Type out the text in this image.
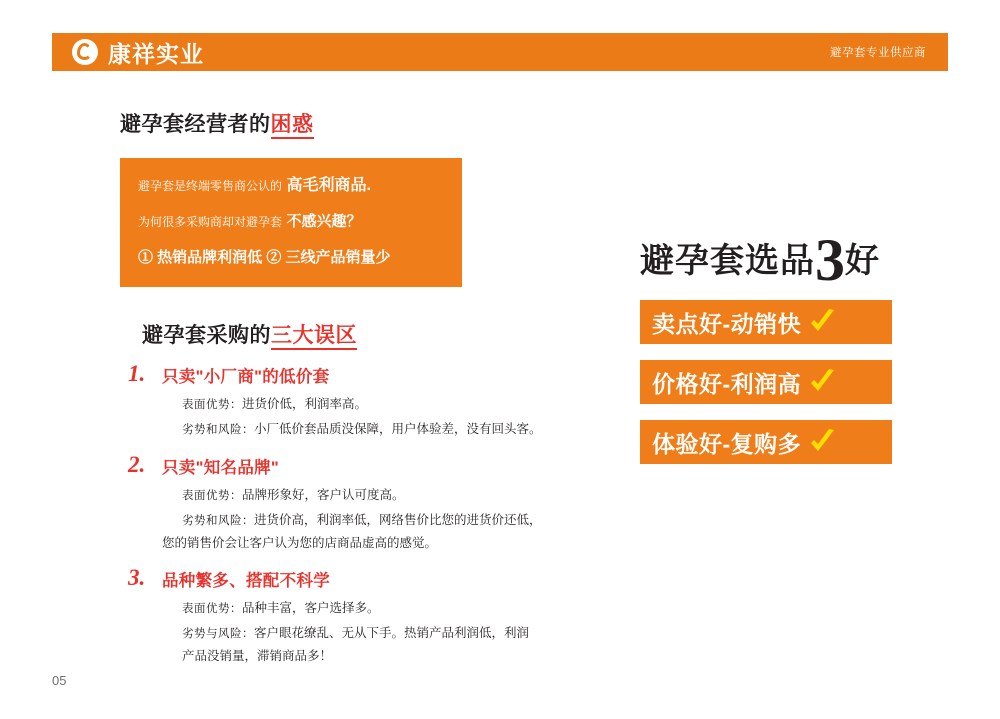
康祥实业	避孕套专业供应商
避孕套经营者的困惑
避孕套是终端零售商公认的 高毛利商品.
为何很多采购商却对避孕套 不感兴趣？
① 热销品牌利润低 ② 三线产品销量少
避孕套采购的三大误区
1. 只卖"小厂商"的低价套
表面优势：进货价低，利润率高。
劣势和风险：小厂低价套品质没保障，用户体验差，没有回头客。
2. 只卖"知名品牌"
表面优势：品牌形象好，客户认可度高。
劣势和风险：进货价高，利润率低，网络售价比您的进货价还低，
您的销售价会让客户认为您的店商品虚高的感觉。
3. 品种繁多、搭配不科学
表面优势：品种丰富，客户选择多。
劣势与风险：客户眼花缭乱、无从下手。热销产品利润低，利润
产品没销量，滞销商品多！
避孕套选品3好
卖点好-动销快
价格好-利润高
体验好-复购多
05
